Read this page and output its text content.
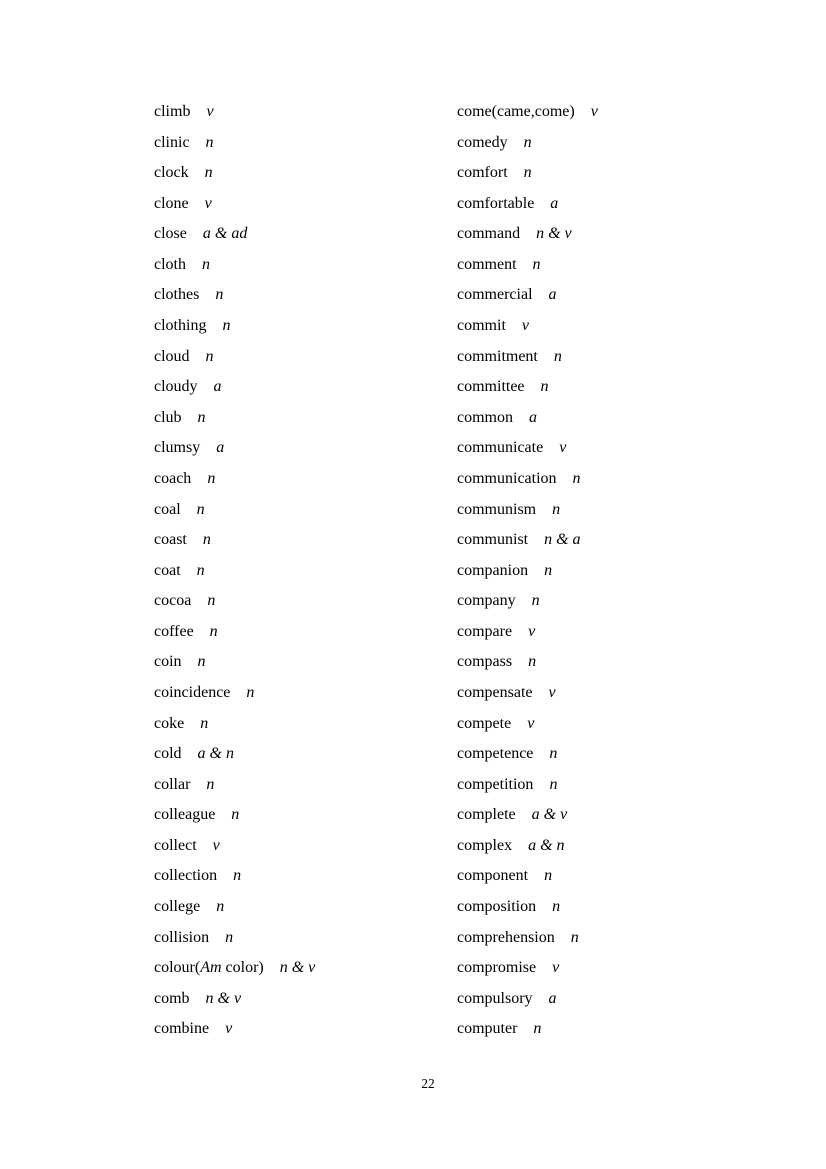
climb v
clinic n
clock n
clone v
close a & ad
cloth n
clothes n
clothing n
cloud n
cloudy a
club n
clumsy a
coach n
coal n
coast n
coat n
cocoa n
coffee n
coin n
coincidence n
coke n
cold a & n
collar n
colleague n
collect v
collection n
college n
collision n
colour(Am color) n & v
comb n & v
combine v
come(came,come) v
comedy n
comfort n
comfortable a
command n & v
comment n
commercial a
commit v
commitment n
committee n
common a
communicate v
communication n
communism n
communist n & a
companion n
company n
compare v
compass n
compensate v
compete v
competence n
competition n
complete a & v
complex a & n
component n
composition n
comprehension n
compromise v
compulsory a
computer n
22
